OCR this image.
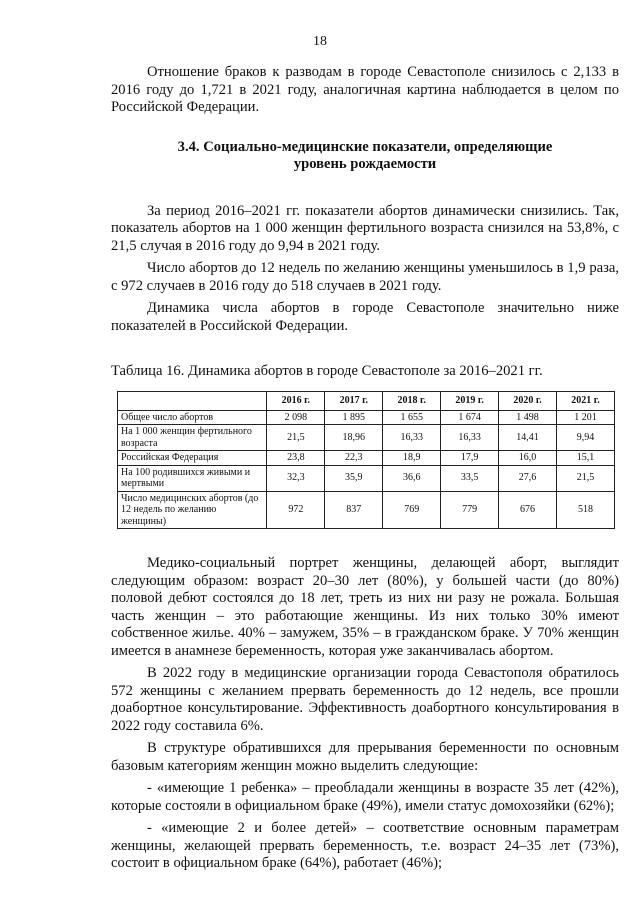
18

Отношение браков к разводам в городе Севастополе снизилось с 2,133 в 2016 году до 1,721 в 2021 году, аналогичная картина наблюдается в целом по Российской Федерации.

3.4. Социально-медицинские показатели, определяющие
уровень рождаемости

За период 2016–2021 гг. показатели абортов динамически снизились. Так, показатель абортов на 1 000 женщин фертильного возраста снизился на 53,8%, с 21,5 случая в 2016 году до 9,94 в 2021 году.

Число абортов до 12 недель по желанию женщины уменьшилось в 1,9 раза, с 972 случаев в 2016 году до 518 случаев в 2021 году.

Динамика числа абортов в городе Севастополе значительно ниже показателей в Российской Федерации.

Таблица 16. Динамика абортов в городе Севастополе за 2016–2021 гг.

	2016 г.	2017 г.	2018 г.	2019 г.	2020 г.	2021 г.
Общее число абортов	2 098	1 895	1 655	1 674	1 498	1 201
На 1 000 женщин фертильного возраста	21,5	18,96	16,33	16,33	14,41	9,94
Российская Федерация	23,8	22,3	18,9	17,9	16,0	15,1
На 100 родившихся живыми и мертвыми	32,3	35,9	36,6	33,5	27,6	21,5
Число медицинских абортов (до 12 недель по желанию женщины)	972	837	769	779	676	518

Медико-социальный портрет женщины, делающей аборт, выглядит следующим образом: возраст 20–30 лет (80%), у большей части (до 80%) половой дебют состоялся до 18 лет, треть из них ни разу не рожала. Большая часть женщин – это работающие женщины. Из них только 30% имеют собственное жилье. 40% – замужем, 35% – в гражданском браке. У 70% женщин имеется в анамнезе беременность, которая уже заканчивалась абортом.

В 2022 году в медицинские организации города Севастополя обратилось 572 женщины с желанием прервать беременность до 12 недель, все прошли доабортное консультирование. Эффективность доабортного консультирования в 2022 году составила 6%.

В структуре обратившихся для прерывания беременности по основным базовым категориям женщин можно выделить следующие:

- «имеющие 1 ребенка» – преобладали женщины в возрасте 35 лет (42%), которые состояли в официальном браке (49%), имели статус домохозяйки (62%);

- «имеющие 2 и более детей» – соответствие основным параметрам женщины, желающей прервать беременность, т.е. возраст 24–35 лет (73%), состоит в официальном браке (64%), работает (46%);
